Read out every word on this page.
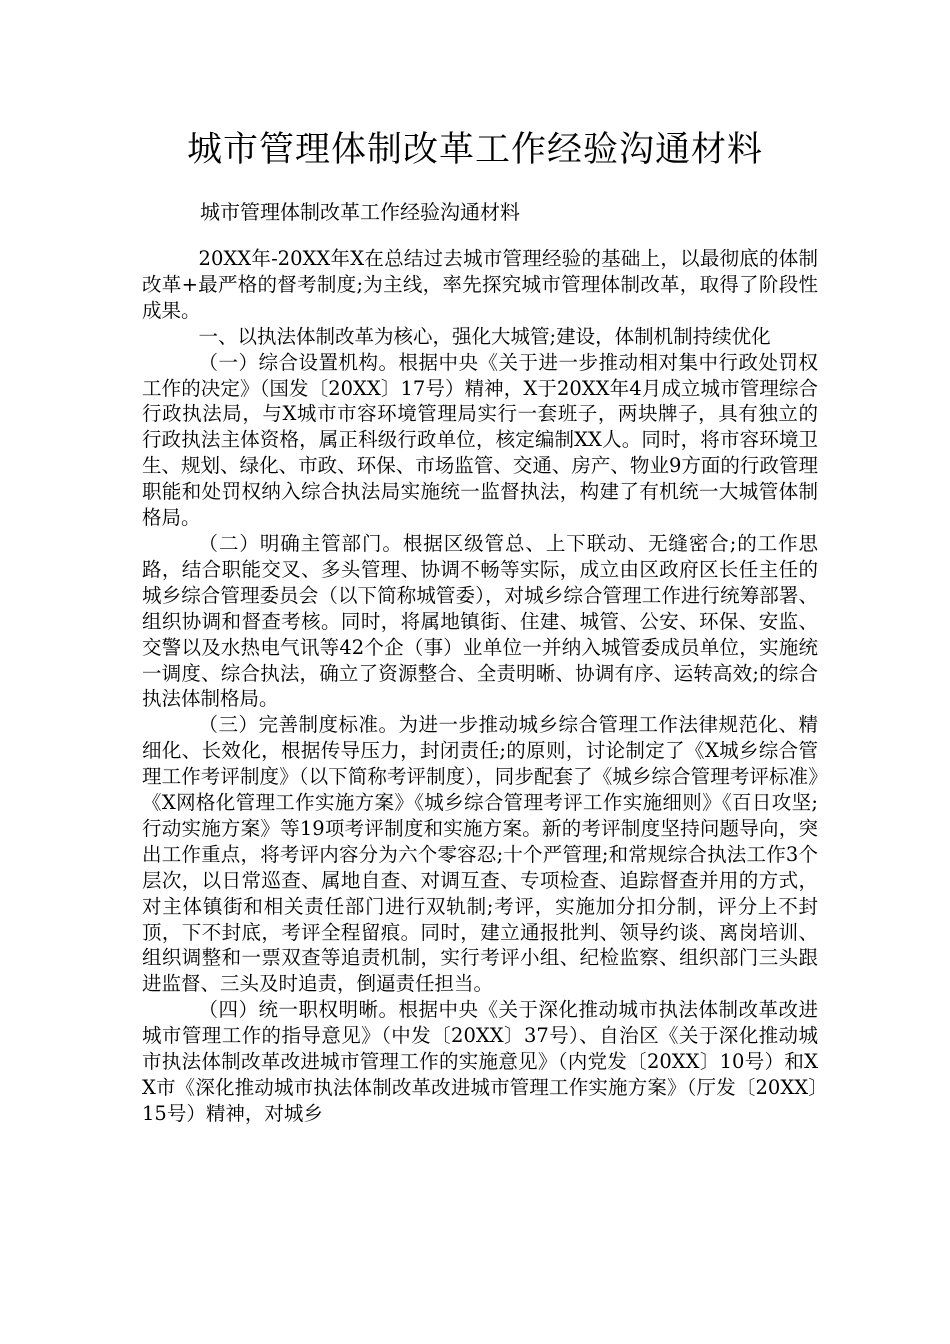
城市管理体制改革工作经验沟通材料

城市管理体制改革工作经验沟通材料

20XX年-20XX年X在总结过去城市管理经验的基础上，以最彻底的体制改革+最严格的督考制度;为主线，率先探究城市管理体制改革，取得了阶段性成果。

一、以执法体制改革为核心，强化大城管;建设，体制机制持续优化

（一）综合设置机构。根据中央《关于进一步推动相对集中行政处罚权工作的决定》（国发〔20XX〕17号）精神，X于20XX年4月成立城市管理综合行政执法局，与X城市市容环境管理局实行一套班子，两块牌子，具有独立的行政执法主体资格，属正科级行政单位，核定编制XX人。同时，将市容环境卫生、规划、绿化、市政、环保、市场监管、交通、房产、物业9方面的行政管理职能和处罚权纳入综合执法局实施统一监督执法，构建了有机统一大城管体制格局。

（二）明确主管部门。根据区级管总、上下联动、无缝密合;的工作思路，结合职能交叉、多头管理、协调不畅等实际，成立由区政府区长任主任的城乡综合管理委员会（以下简称城管委），对城乡综合管理工作进行统筹部署、组织协调和督查考核。同时，将属地镇街、住建、城管、公安、环保、安监、交警以及水热电气讯等42个企（事）业单位一并纳入城管委成员单位，实施统一调度、综合执法，确立了资源整合、全责明晰、协调有序、运转高效;的综合执法体制格局。

（三）完善制度标准。为进一步推动城乡综合管理工作法律规范化、精细化、长效化，根据传导压力，封闭责任;的原则，讨论制定了《X城乡综合管理工作考评制度》（以下简称考评制度），同步配套了《城乡综合管理考评标准》《X网格化管理工作实施方案》《城乡综合管理考评工作实施细则》《百日攻坚;行动实施方案》等19项考评制度和实施方案。新的考评制度坚持问题导向，突出工作重点，将考评内容分为六个零容忍;十个严管理;和常规综合执法工作3个层次，以日常巡查、属地自查、对调互查、专项检查、追踪督查并用的方式，对主体镇街和相关责任部门进行双轨制;考评，实施加分扣分制，评分上不封顶，下不封底，考评全程留痕。同时，建立通报批判、领导约谈、离岗培训、组织调整和一票双查等追责机制，实行考评小组、纪检监察、组织部门三头跟进监督、三头及时追责，倒逼责任担当。

（四）统一职权明晰。根据中央《关于深化推动城市执法体制改革改进城市管理工作的指导意见》（中发〔20XX〕37号）、自治区《关于深化推动城市执法体制改革改进城市管理工作的实施意见》（内党发〔20XX〕10号）和XX市《深化推动城市执法体制改革改进城市管理工作实施方案》（厅发〔20XX〕15号）精神，对城乡
